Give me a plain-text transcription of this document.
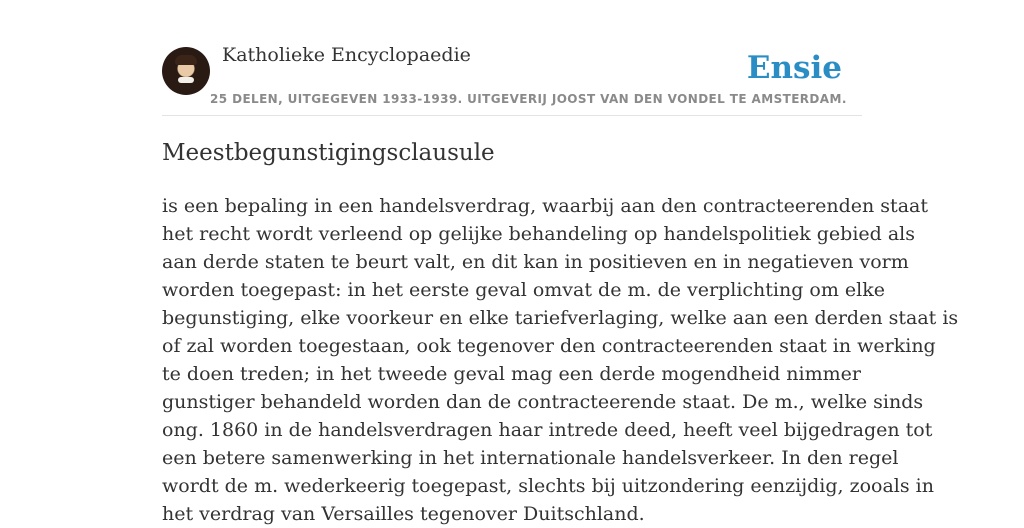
Katholieke Encyclopaedie
25 DELEN, UITGEGEVEN 1933-1939. UITGEVERIJ JOOST VAN DEN VONDEL TE AMSTERDAM.
Ensie
Meestbegunstigingsclausule
is een bepaling in een handelsverdrag, waarbij aan den contracteerenden staat
het recht wordt verleend op gelijke behandeling op handelspolitiek gebied als
aan derde staten te beurt valt, en dit kan in positieven en in negatieven vorm
worden toegepast: in het eerste geval omvat de m. de verplichting om elke
begunstiging, elke voorkeur en elke tariefverlaging, welke aan een derden staat is
of zal worden toegestaan, ook tegenover den contracteerenden staat in werking
te doen treden; in het tweede geval mag een derde mogendheid nimmer
gunstiger behandeld worden dan de contracteerende staat. De m., welke sinds
ong. 1860 in de handelsverdragen haar intrede deed, heeft veel bijgedragen tot
een betere samenwerking in het internationale handelsverkeer. In den regel
wordt de m. wederkeerig toegepast, slechts bij uitzondering eenzijdig, zooals in
het verdrag van Versailles tegenover Duitschland.
